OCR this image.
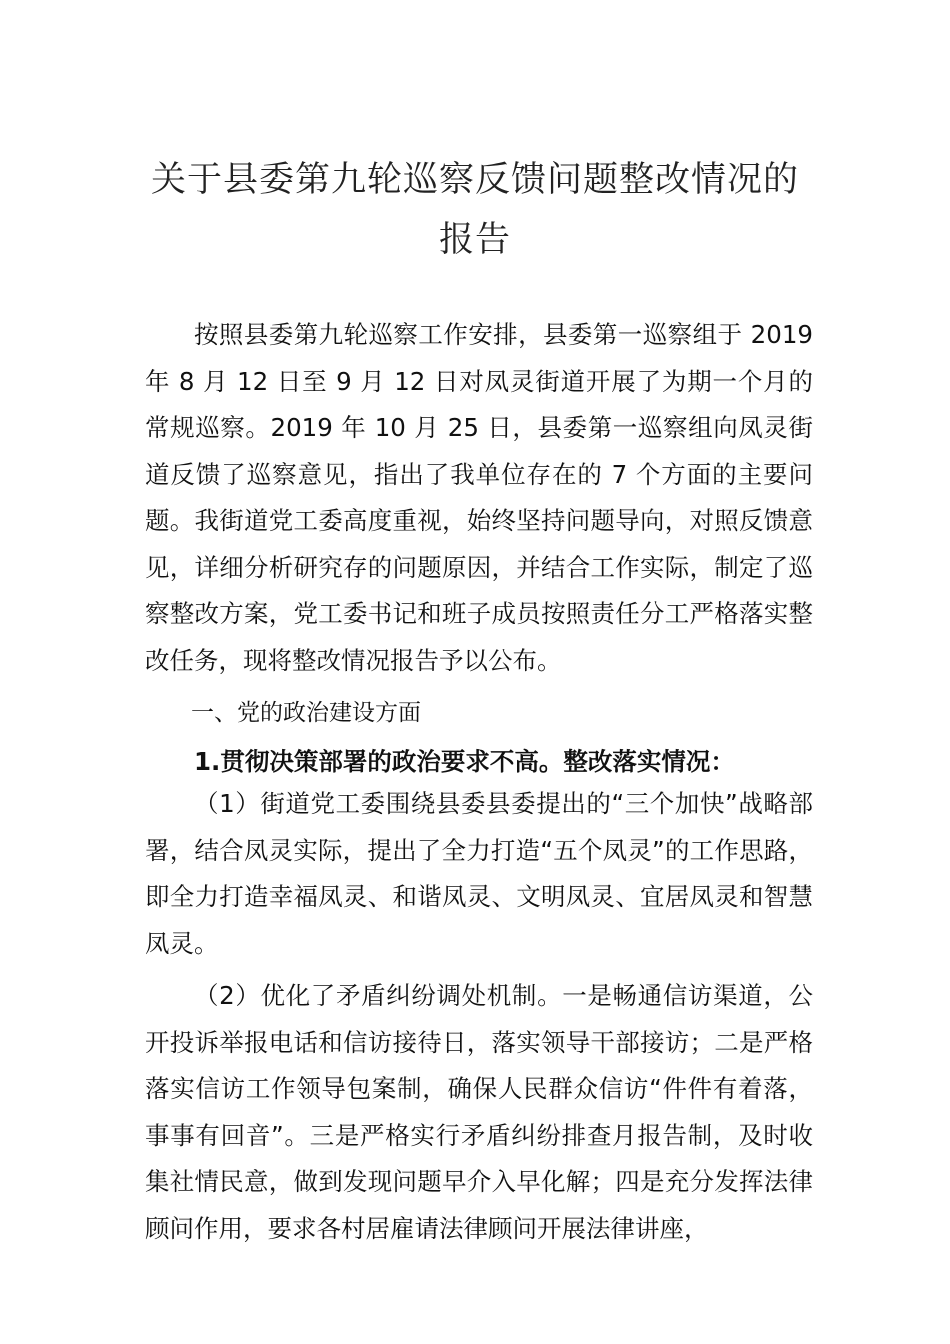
关于县委第九轮巡察反馈问题整改情况的
报告

按照县委第九轮巡察工作安排，县委第一巡察组于 2019 年 8 月 12 日至 9 月 12 日对凤灵街道开展了为期一个月的常规巡察。2019 年 10 月 25 日，县委第一巡察组向凤灵街道反馈了巡察意见，指出了我单位存在的 7 个方面的主要问题。我街道党工委高度重视，始终坚持问题导向，对照反馈意见，详细分析研究存的问题原因，并结合工作实际，制定了巡察整改方案，党工委书记和班子成员按照责任分工严格落实整改任务，现将整改情况报告予以公布。

一、党的政治建设方面

1.贯彻决策部署的政治要求不高。整改落实情况：

（1）街道党工委围绕县委县委提出的“三个加快”战略部署，结合凤灵实际，提出了全力打造“五个凤灵”的工作思路，即全力打造幸福凤灵、和谐凤灵、文明凤灵、宜居凤灵和智慧凤灵。

（2）优化了矛盾纠纷调处机制。一是畅通信访渠道，公开投诉举报电话和信访接待日，落实领导干部接访；二是严格落实信访工作领导包案制，确保人民群众信访“件件有着落，事事有回音”。三是严格实行矛盾纠纷排查月报告制，及时收集社情民意，做到发现问题早介入早化解；四是充分发挥法律顾问作用，要求各村居雇请法律顾问开展法律讲座，
